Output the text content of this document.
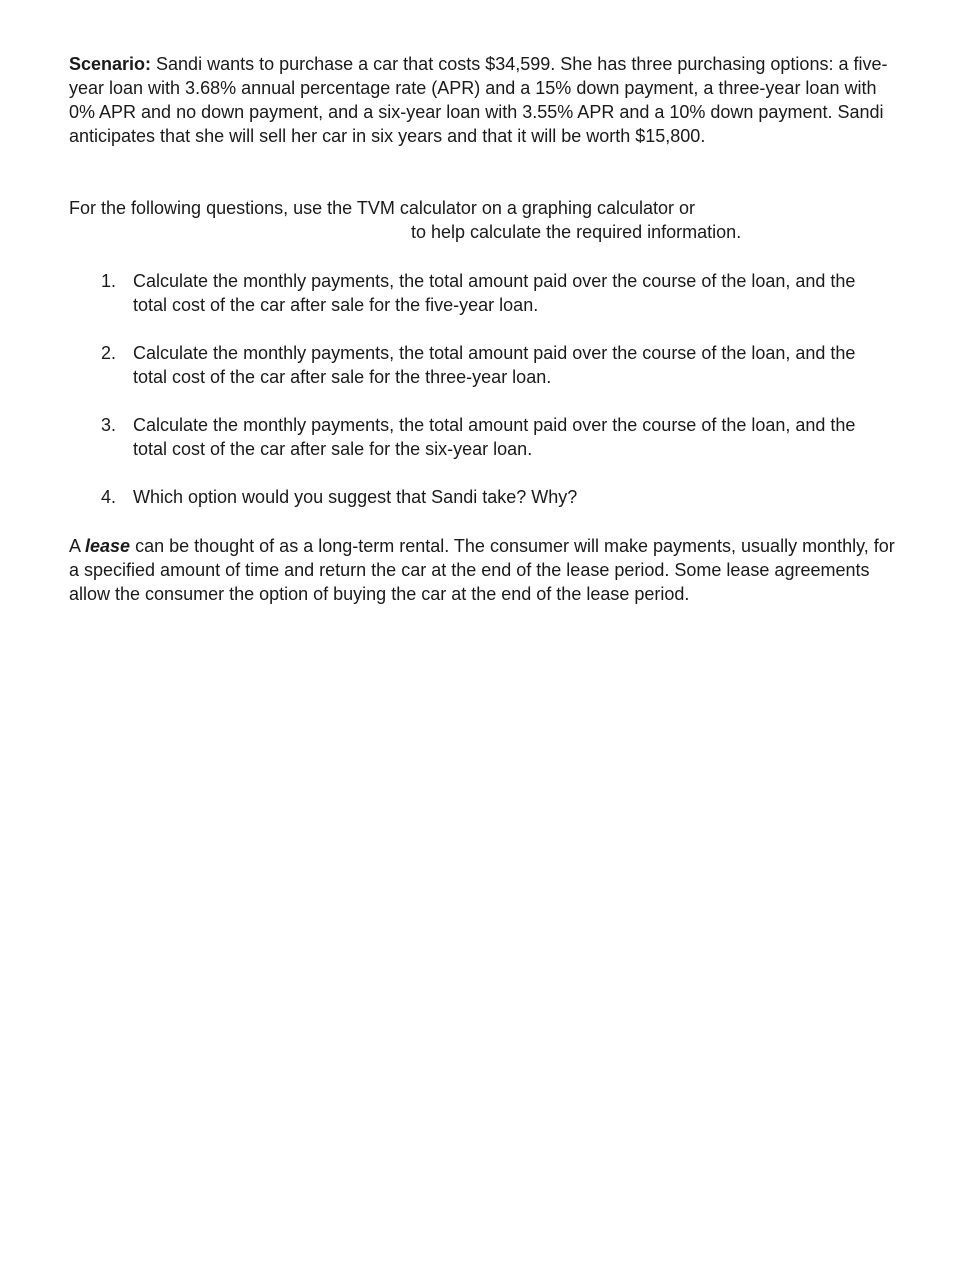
Scenario: Sandi wants to purchase a car that costs $34,599. She has three purchasing options: a five-year loan with 3.68% annual percentage rate (APR) and a 15% down payment, a three-year loan with 0% APR and no down payment, and a six-year loan with 3.55% APR and a 10% down payment. Sandi anticipates that she will sell her car in six years and that it will be worth $15,800.

For the following questions, use the TVM calculator on a graphing calculator or

to help calculate the required information.

1. Calculate the monthly payments, the total amount paid over the course of the loan, and the total cost of the car after sale for the five-year loan.
2. Calculate the monthly payments, the total amount paid over the course of the loan, and the total cost of the car after sale for the three-year loan.
3. Calculate the monthly payments, the total amount paid over the course of the loan, and the total cost of the car after sale for the six-year loan.
4. Which option would you suggest that Sandi take? Why?

A lease can be thought of as a long-term rental. The consumer will make payments, usually monthly, for a specified amount of time and return the car at the end of the lease period. Some lease agreements allow the consumer the option of buying the car at the end of the lease period.
